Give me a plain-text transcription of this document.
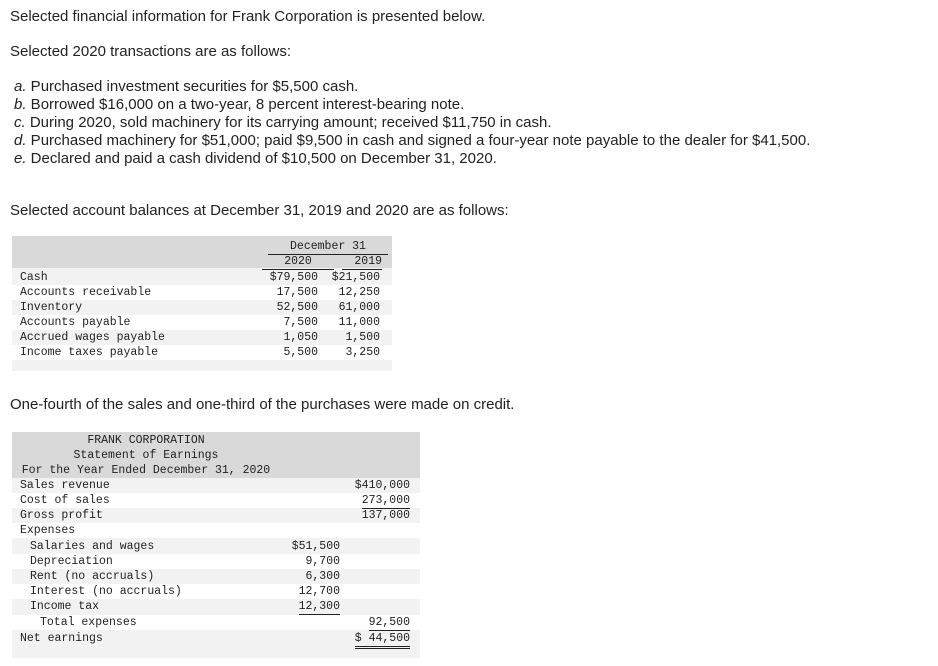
Selected financial information for Frank Corporation is presented below.
Selected 2020 transactions are as follows:
a. Purchased investment securities for $5,500 cash.
b. Borrowed $16,000 on a two-year, 8 percent interest-bearing note.
c. During 2020, sold machinery for its carrying amount; received $11,750 in cash.
d. Purchased machinery for $51,000; paid $9,500 in cash and signed a four-year note payable to the dealer for $41,500.
e. Declared and paid a cash dividend of $10,500 on December 31, 2020.
Selected account balances at December 31, 2019 and 2020 are as follows:
December 31
2020	2019
Cash	$79,500 $21,500
Accounts receivable	17,500 12,250
Inventory	52,500 61,000
Accounts payable	7,500 11,000
Accrued wages payable	1,050 1,500
Income taxes payable	5,500 3,250
One-fourth of the sales and one-third of the purchases were made on credit.
FRANK CORPORATION
Statement of Earnings
For the Year Ended December 31, 2020
Sales revenue	$410,000
Cost of sales	273,000
Gross profit	137,000
Expenses
Salaries and wages	$51,500
Depreciation	9,700
Rent (no accruals)	6,300
Interest (no accruals)	12,700
Income tax	12,300
Total expenses	92,500
Net earnings	$ 44,500
